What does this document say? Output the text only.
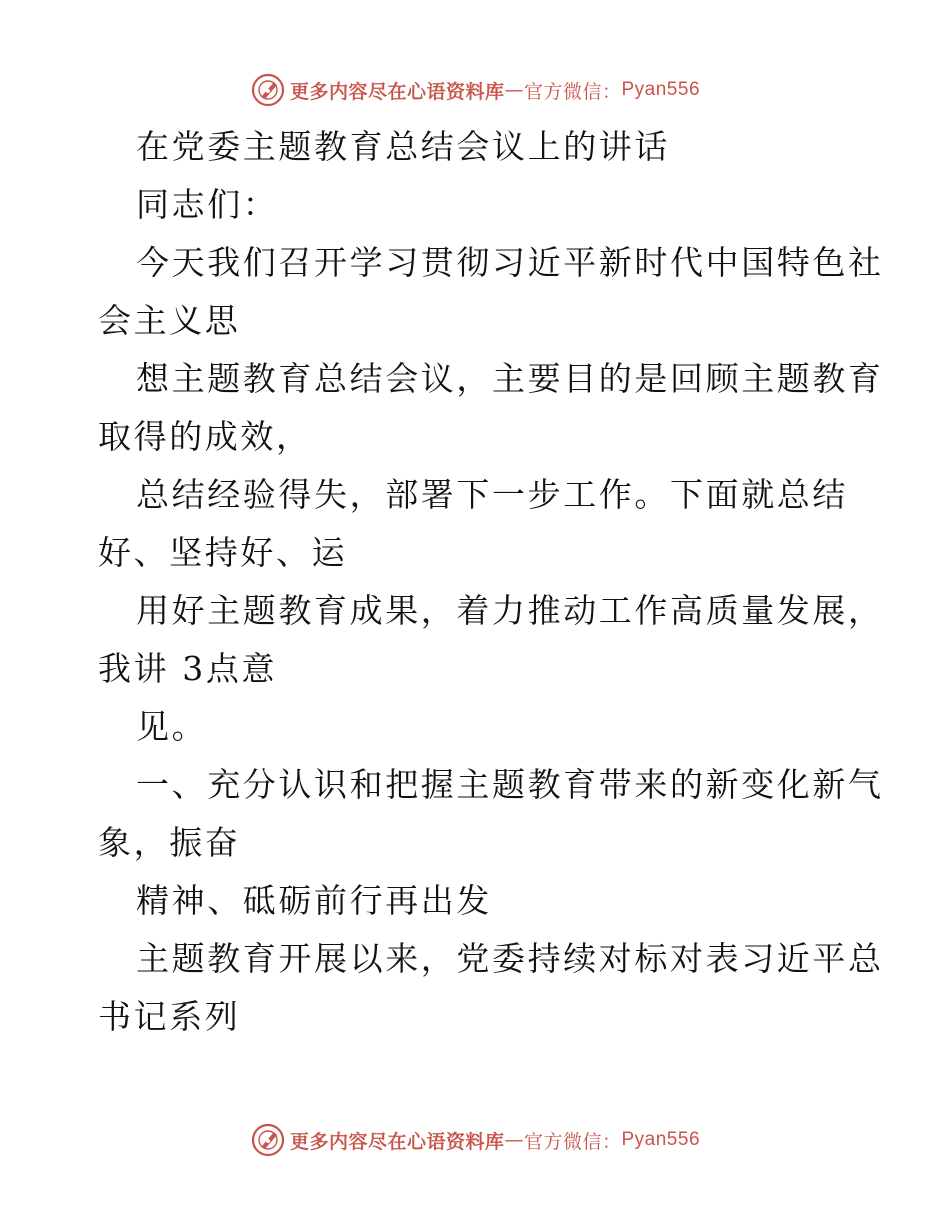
更多内容尽在心语资料库 — 官方微信： Pyan556
在党委主题教育总结会议上的讲话
同志们：
今天我们召开学习贯彻习近平新时代中国特色社
会主义思
想主题教育总结会议，主要目的是回顾主题教育
取得的成效，
总结经验得失，部署下一步工作。下面就总结
好、坚持好、运
用好主题教育成果，着力推动工作高质量发展，
我讲 3点意
见。
一、充分认识和把握主题教育带来的新变化新气
象，振奋
精神、砥砺前行再出发
主题教育开展以来，党委持续对标对表习近平总
书记系列
更多内容尽在心语资料库 — 官方微信： Pyan556
